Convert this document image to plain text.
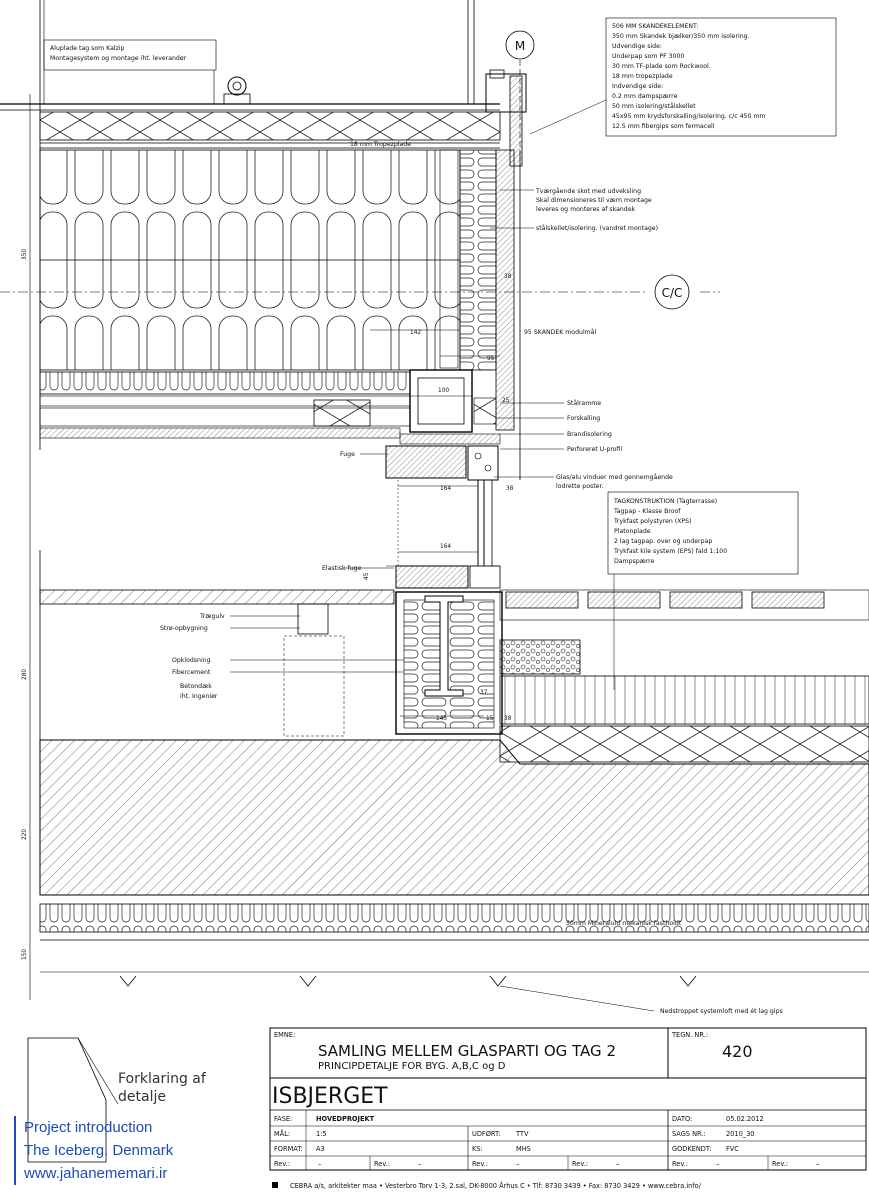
M
C/C
350
280
220
150
Aluplade tag som Kalzip
Montagesystem og montage iht. leverandør
506 MM SKANDEKELEMENT:
350 mm Skandek bjælker/350 mm isolering.
Udvendige side:
Underpap som PF 3000
30 mm TF-plade som Rockwool.
18 mm tropezplade
Indvendige side:
0.2 mm dampspærre
50 mm isolering/stålskellet
45x95 mm krydsforskalling/isolering. c/c 450 mm
12.5 mm fibergips som fermacell
18 mm Tropezplade
Tværgående skot med udveksling
Skal dimensioneres til værn montage
leveres og monteres af skandek
stålskellet/isolering. (vandret montage)
95 SKANDEK modulmål
Stålramme
Forskalling
Brandisolering
Perforeret U-profil
Fuge
Glas/alu vinduer med gennemgående
lodrette poster.
TAGKONSTRUKTION (Tagterrasse)
Tagpap - Klasse Broof
Trykfast polystyren (XPS)
Platonplade
2 lag tagpap. over og underpap
Trykfast kile system (EPS) fald 1:100
Dampspærre
Elastisk fuge
Trægulv
Strø-opbygning
Opklodsning
Fibercement
Betondæk
iht. Ingeniør
50mm Mineraluld mekanisk fastholdt
Nedstroppet systemloft med ét lag gips
142
38
95
100
25
164	38
164
45
37
145	15 38
Forklaring af
detalje
EMNE:
SAMLING MELLEM GLASPARTI OG TAG 2
PRINCIPDETALJE FOR BYG. A,B,C og D
TEGN. NR.:
420
ISBJERGET
FASE:	HOVEDPROJEKT	DATO:	05.02.2012
MÅL:	1:5	UDFØRT: TTV	SAGS NR.:	2010_30
FORMAT: A3	KS:	MHS	GODKENDT: FVC
Rev.:	–	Rev.:	–	Rev.:	–	Rev.:	–	Rev.:	–	Rev.:	–
CEBRA a/s, arkitekter maa • Vesterbro Torv 1-3, 2.sal, DK-8000 Århus C • Tlf: 8730 3439 • Fax: 8730 3429 • www.cebra.info/
Project introduction
The Iceberg, Denmark
www.jahanememari.ir
